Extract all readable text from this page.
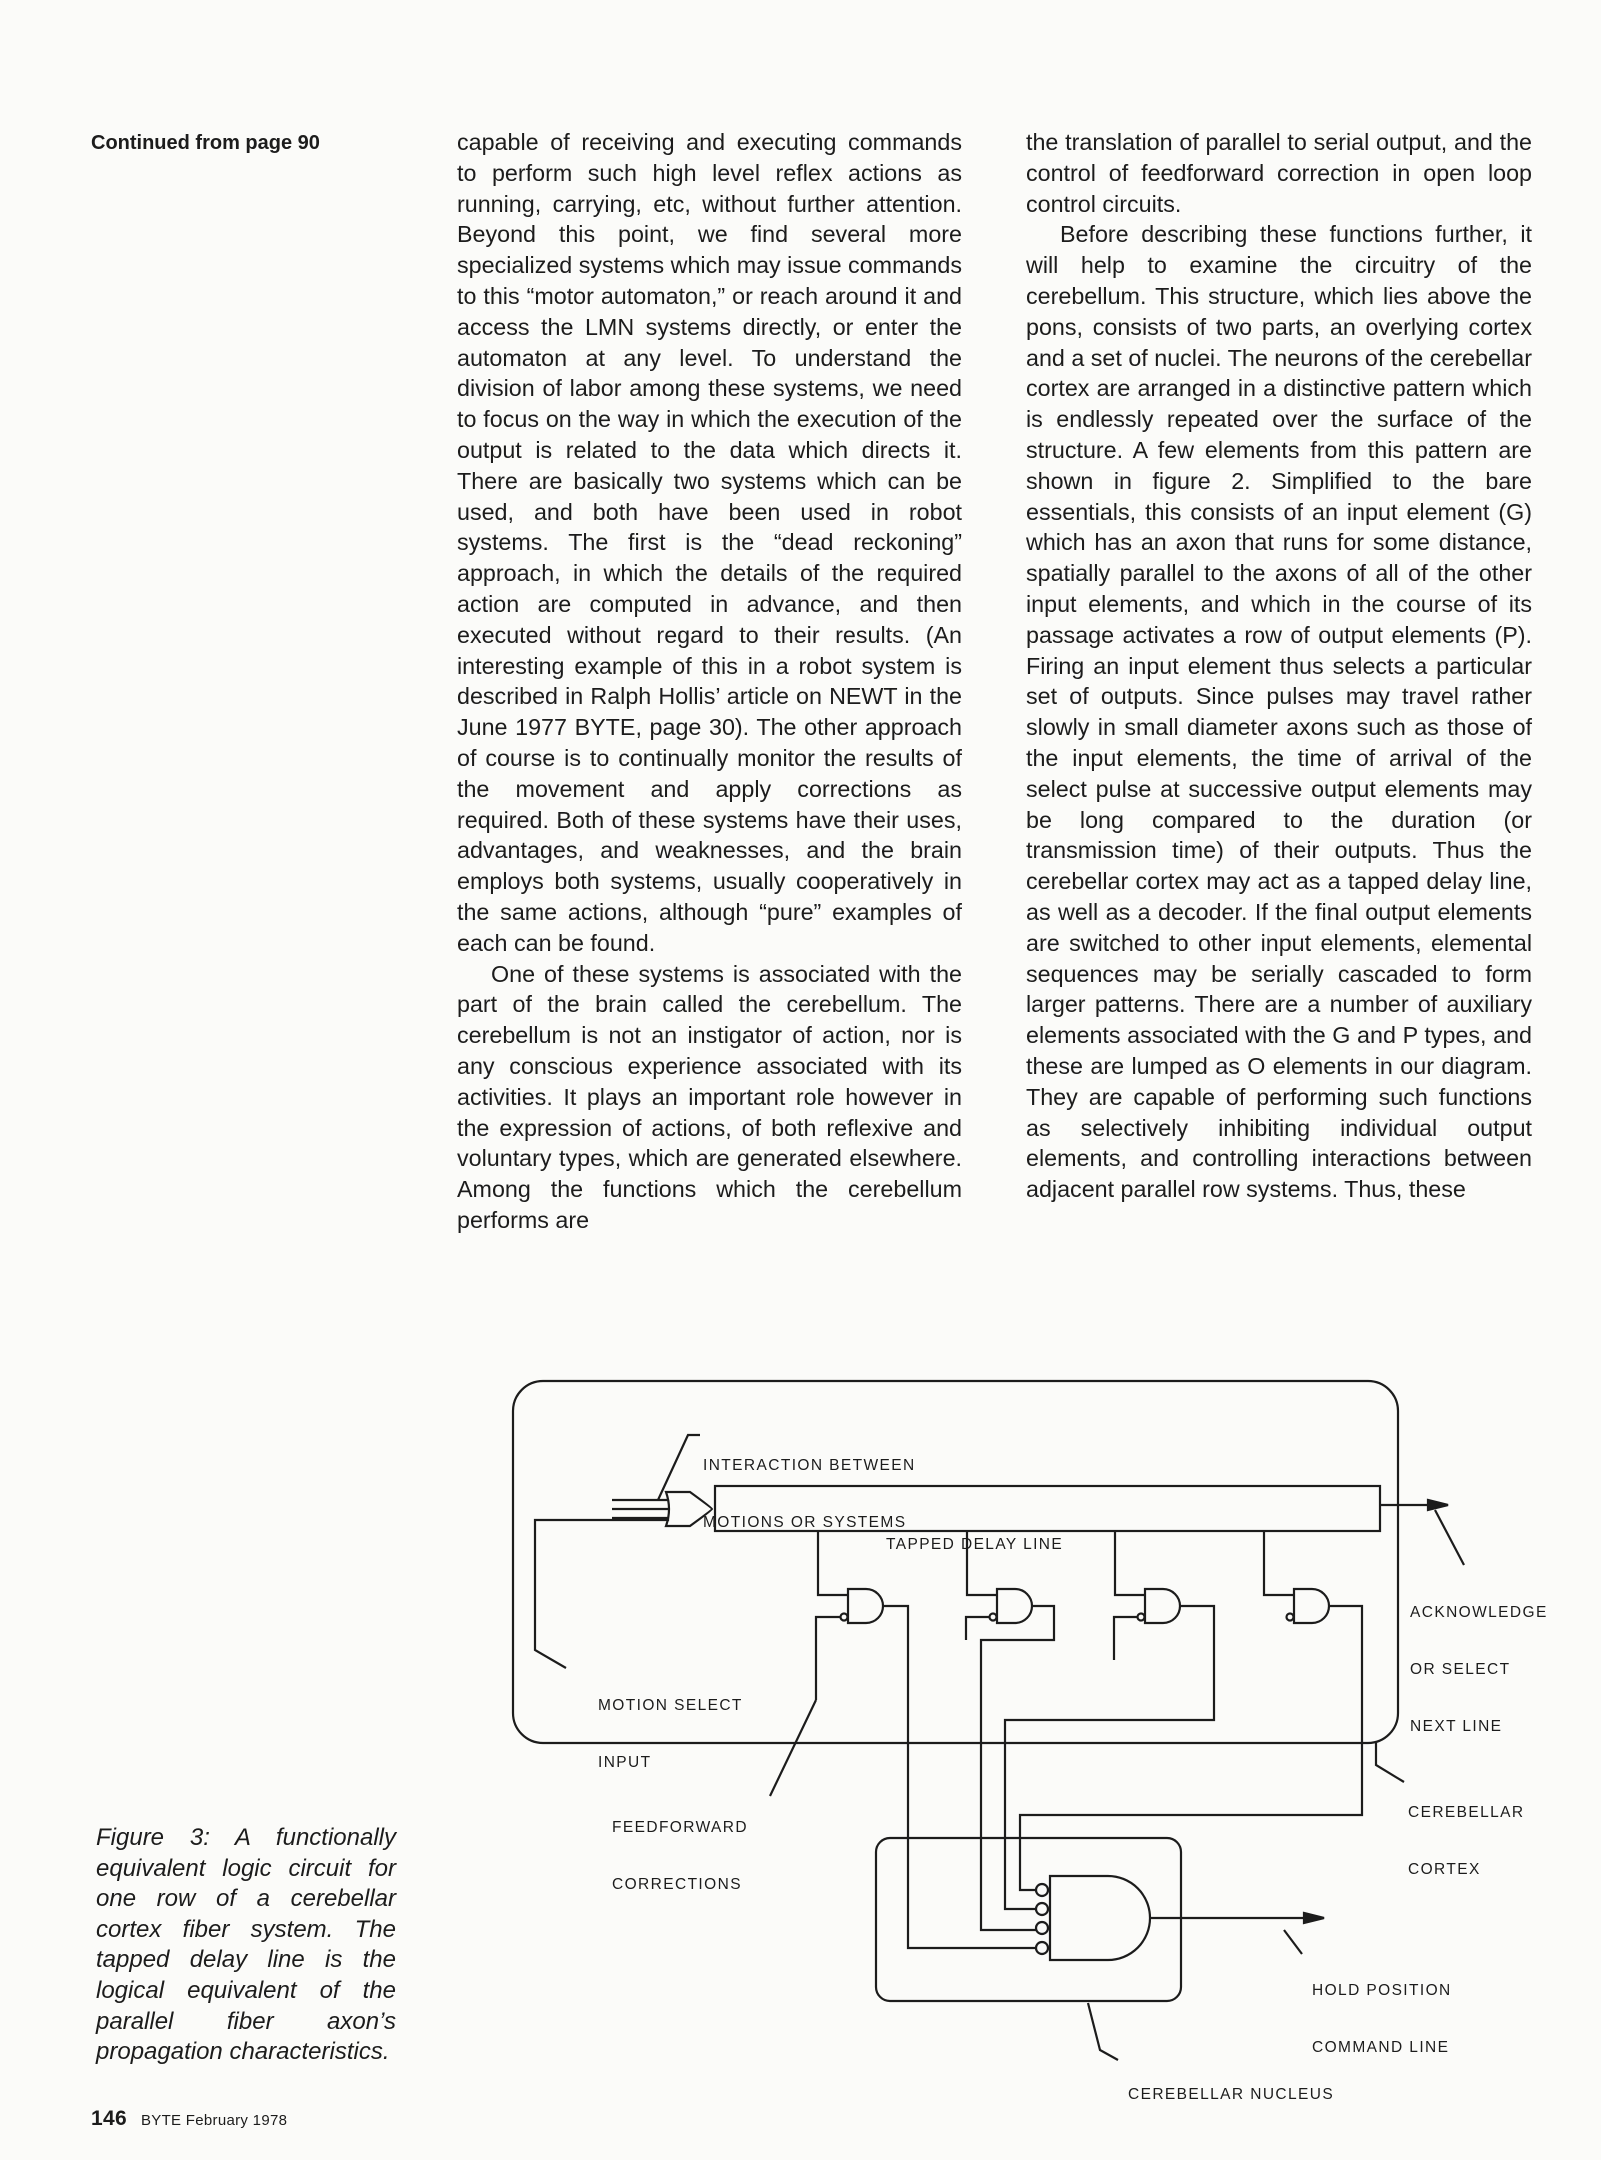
Continued from page 90	capable of receiving and executing commands to perform such high level reflex actions as running, carrying, etc, without further attention. Beyond this point, we find several more specialized systems which may issue commands to this “motor automaton,” or reach around it and access the LMN systems directly, or enter the automaton at any level. To understand the division of labor among these systems, we need to focus on the way in which the execution of the output is related to the data which directs it. There are basically two systems which can be used, and both have been used in robot systems. The first is the “dead reckoning” approach, in which the details of the required action are computed in advance, and then executed without regard to their results. (An interesting example of this in a robot system is described in Ralph Hollis’ article on NEWT in the June 1977 BYTE, page 30). The other approach of course is to continually monitor the results of the movement and apply corrections as required. Both of these systems have their uses, advantages, and weaknesses, and the brain employs both systems, usually cooperatively in the same actions, although “pure” examples of each can be found.

One of these systems is associated with the part of the brain called the cerebellum. The cerebellum is not an instigator of action, nor is any conscious experience associated with its activities. It plays an important role however in the expression of actions, of both reflexive and voluntary types, which are generated elsewhere. Among the functions which the cerebellum performs are

the translation of parallel to serial output, and the control of feedforward correction in open loop control circuits.

Before describing these functions further, it will help to examine the circuitry of the cerebellum. This structure, which lies above the pons, consists of two parts, an overlying cortex and a set of nuclei. The neurons of the cerebellar cortex are arranged in a distinctive pattern which is endlessly repeated over the surface of the structure. A few elements from this pattern are shown in figure 2. Simplified to the bare essentials, this consists of an input element (G) which has an axon that runs for some distance, spatially parallel to the axons of all of the other input elements, and which in the course of its passage activates a row of output elements (P). Firing an input element thus selects a particular set of outputs. Since pulses may travel rather slowly in small diameter axons such as those of the input elements, the time of arrival of the select pulse at successive output elements may be long compared to the duration (or transmission time) of their outputs. Thus the cerebellar cortex may act as a tapped delay line, as well as a decoder. If the final output elements are switched to other input elements, elemental sequences may be serially cascaded to form larger patterns. There are a number of auxiliary elements associated with the G and P types, and these are lumped as O elements in our diagram. They are capable of performing such functions as selectively inhibiting individual output elements, and controlling interactions between adjacent parallel row systems. Thus, these

INTERACTION BETWEEN

MOTIONS OR SYSTEMS

TAPPED DELAY LINE

ACKNOWLEDGE

OR SELECT

NEXT LINE

MOTION SELECT

INPUT

FEEDFORWARD

CORRECTIONS

CEREBELLAR

CORTEX

HOLD POSITION

COMMAND LINE

CEREBELLAR NUCLEUS

Figure 3: A functionally equivalent logic circuit for one row of a cerebellar cortex fiber system. The tapped delay line is the logical equivalent of the parallel fiber axon’s propagation characteristics.
146 BYTE February 1978
